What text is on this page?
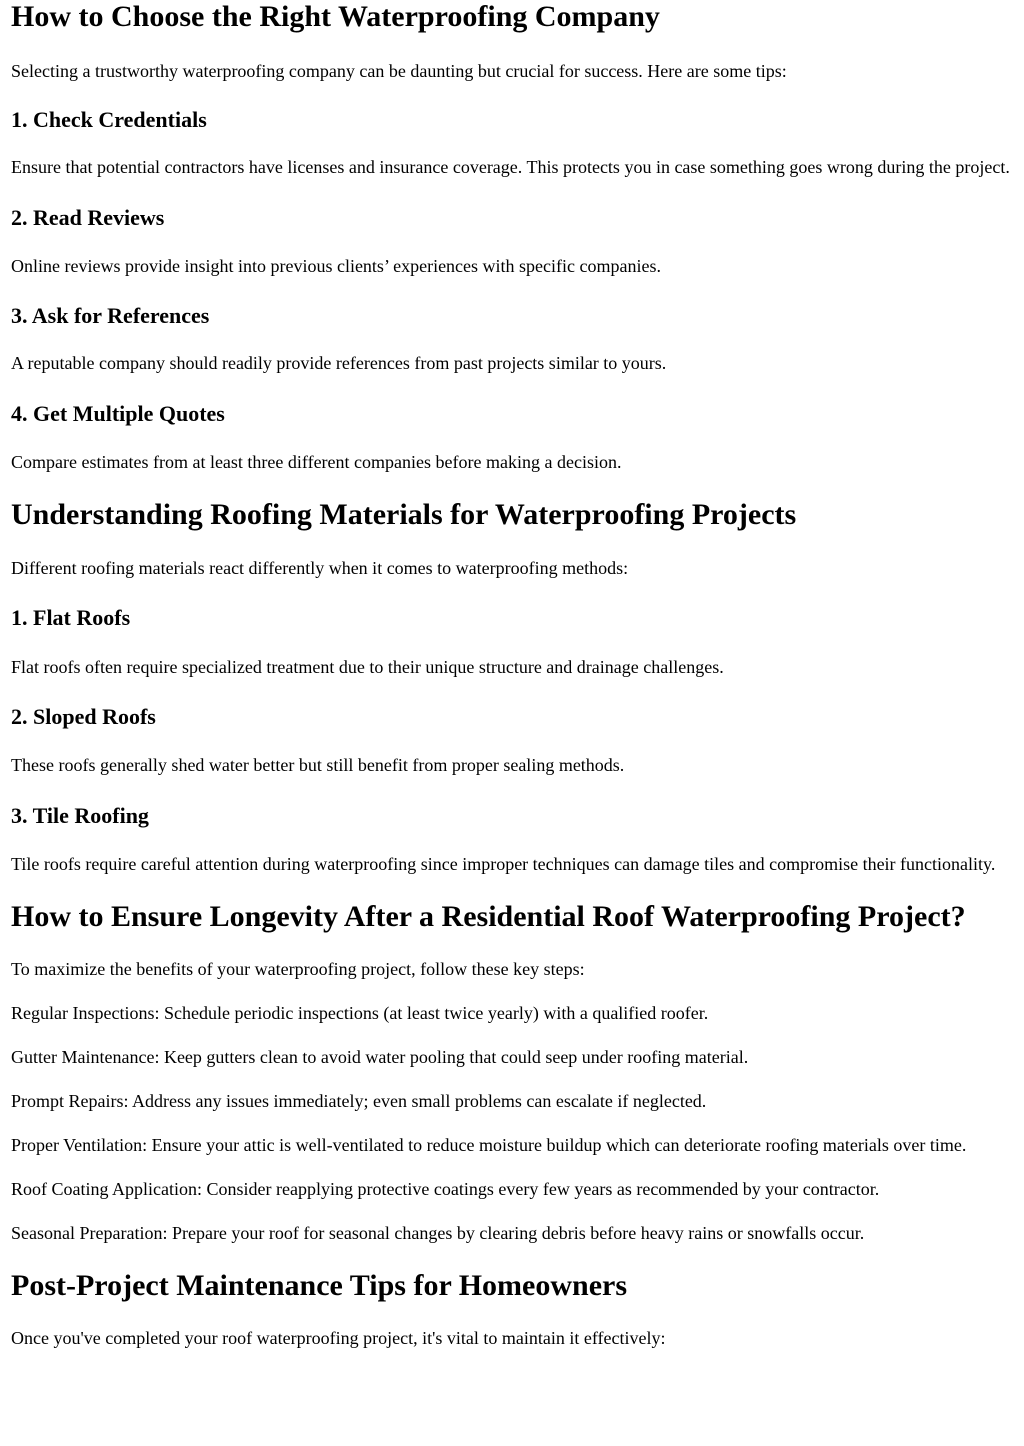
How to Choose the Right Waterproofing Company

Selecting a trustworthy waterproofing company can be daunting but crucial for success. Here are some tips:

1. Check Credentials

Ensure that potential contractors have licenses and insurance coverage. This protects you in case something goes wrong during the project.

2. Read Reviews

Online reviews provide insight into previous clients’ experiences with specific companies.

3. Ask for References

A reputable company should readily provide references from past projects similar to yours.

4. Get Multiple Quotes

Compare estimates from at least three different companies before making a decision.

Understanding Roofing Materials for Waterproofing Projects

Different roofing materials react differently when it comes to waterproofing methods:

1. Flat Roofs

Flat roofs often require specialized treatment due to their unique structure and drainage challenges.

2. Sloped Roofs

These roofs generally shed water better but still benefit from proper sealing methods.

3. Tile Roofing

Tile roofs require careful attention during waterproofing since improper techniques can damage tiles and compromise their functionality.

How to Ensure Longevity After a Residential Roof Waterproofing Project?

To maximize the benefits of your waterproofing project, follow these key steps:

Regular Inspections: Schedule periodic inspections (at least twice yearly) with a qualified roofer.

Gutter Maintenance: Keep gutters clean to avoid water pooling that could seep under roofing material.

Prompt Repairs: Address any issues immediately; even small problems can escalate if neglected.

Proper Ventilation: Ensure your attic is well-ventilated to reduce moisture buildup which can deteriorate roofing materials over time.

Roof Coating Application: Consider reapplying protective coatings every few years as recommended by your contractor.

Seasonal Preparation: Prepare your roof for seasonal changes by clearing debris before heavy rains or snowfalls occur.

Post-Project Maintenance Tips for Homeowners

Once you've completed your roof waterproofing project, it's vital to maintain it effectively:
